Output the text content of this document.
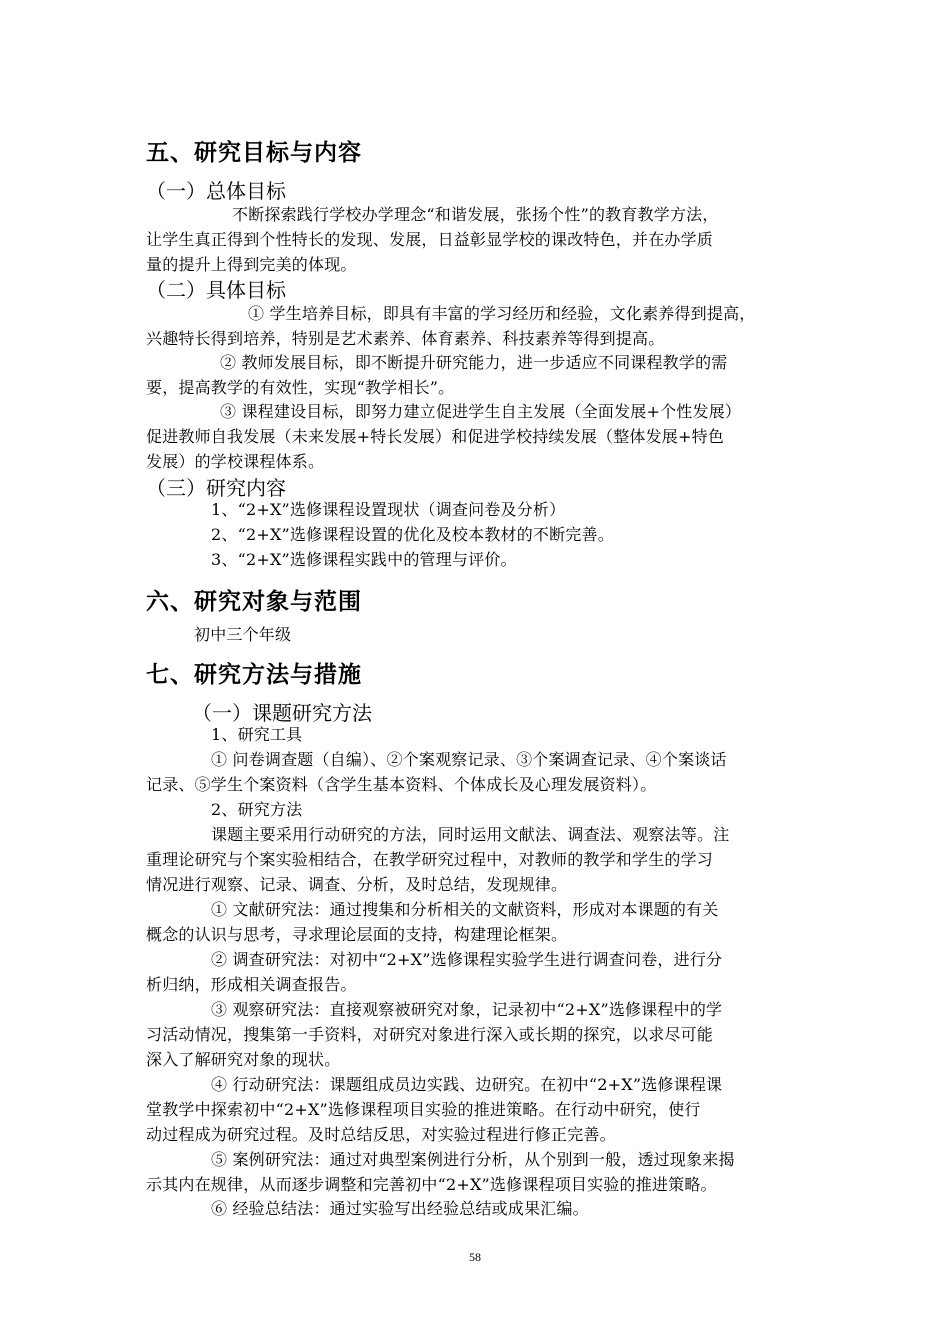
五、研究目标与内容
（一）总体目标
不断探索践行学校办学理念“和谐发展，张扬个性”的教育教学方法，
让学生真正得到个性特长的发现、发展，日益彰显学校的课改特色，并在办学质
量的提升上得到完美的体现。
（二）具体目标
① 学生培养目标，即具有丰富的学习经历和经验，文化素养得到提高，
兴趣特长得到培养，特别是艺术素养、体育素养、科技素养等得到提高。
② 教师发展目标，即不断提升研究能力，进一步适应不同课程教学的需
要，提高教学的有效性，实现“教学相长”。
③ 课程建设目标，即努力建立促进学生自主发展（全面发展+个性发展）
促进教师自我发展（未来发展+特长发展）和促进学校持续发展（整体发展+特色
发展）的学校课程体系。
（三）研究内容
1、“2+X”选修课程设置现状（调查问卷及分析）
2、“2+X”选修课程设置的优化及校本教材的不断完善。
3、“2+X”选修课程实践中的管理与评价。
六、研究对象与范围
初中三个年级
七、研究方法与措施
（一）课题研究方法
1、研究工具
① 问卷调查题（自编）、②个案观察记录、③个案调查记录、④个案谈话
记录、⑤学生个案资料（含学生基本资料、个体成长及心理发展资料）。
2、研究方法
课题主要采用行动研究的方法，同时运用文献法、调查法、观察法等。注
重理论研究与个案实验相结合，在教学研究过程中，对教师的教学和学生的学习
情况进行观察、记录、调查、分析，及时总结，发现规律。
① 文献研究法：通过搜集和分析相关的文献资料，形成对本课题的有关
概念的认识与思考，寻求理论层面的支持，构建理论框架。
② 调查研究法：对初中“2+X”选修课程实验学生进行调查问卷，进行分
析归纳，形成相关调查报告。
③ 观察研究法：直接观察被研究对象，记录初中“2+X”选修课程中的学
习活动情况，搜集第一手资料，对研究对象进行深入或长期的探究，以求尽可能
深入了解研究对象的现状。
④ 行动研究法：课题组成员边实践、边研究。在初中“2+X”选修课程课
堂教学中探索初中“2+X”选修课程项目实验的推进策略。在行动中研究，使行
动过程成为研究过程。及时总结反思，对实验过程进行修正完善。
⑤ 案例研究法：通过对典型案例进行分析，从个别到一般，透过现象来揭
示其内在规律，从而逐步调整和完善初中“2+X”选修课程项目实验的推进策略。
⑥ 经验总结法：通过实验写出经验总结或成果汇编。
58
